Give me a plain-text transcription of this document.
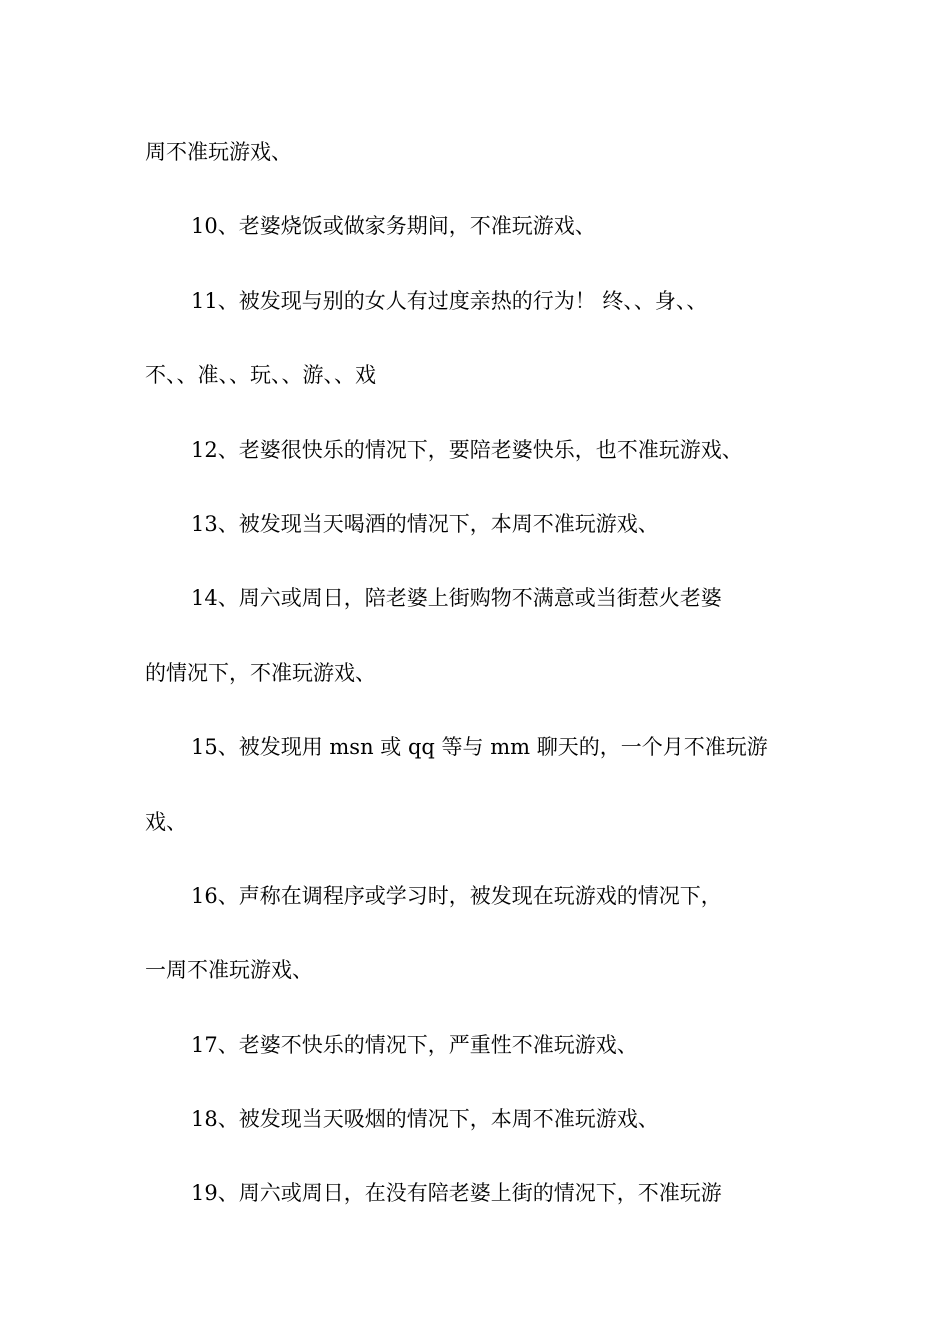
周不准玩游戏、
10、老婆烧饭或做家务期间，不准玩游戏、
11、被发现与别的女人有过度亲热的行为！ 终、、身、、
不、、准、、玩、、游、、戏
12、老婆很快乐的情况下，要陪老婆快乐，也不准玩游戏、
13、被发现当天喝酒的情况下，本周不准玩游戏、
14、周六或周日，陪老婆上街购物不满意或当街惹火老婆
的情况下，不准玩游戏、
15、被发现用 msn 或 qq 等与 mm 聊天的，一个月不准玩游
戏、
16、声称在调程序或学习时，被发现在玩游戏的情况下，
一周不准玩游戏、
17、老婆不快乐的情况下，严重性不准玩游戏、
18、被发现当天吸烟的情况下，本周不准玩游戏、
19、周六或周日，在没有陪老婆上街的情况下，不准玩游
